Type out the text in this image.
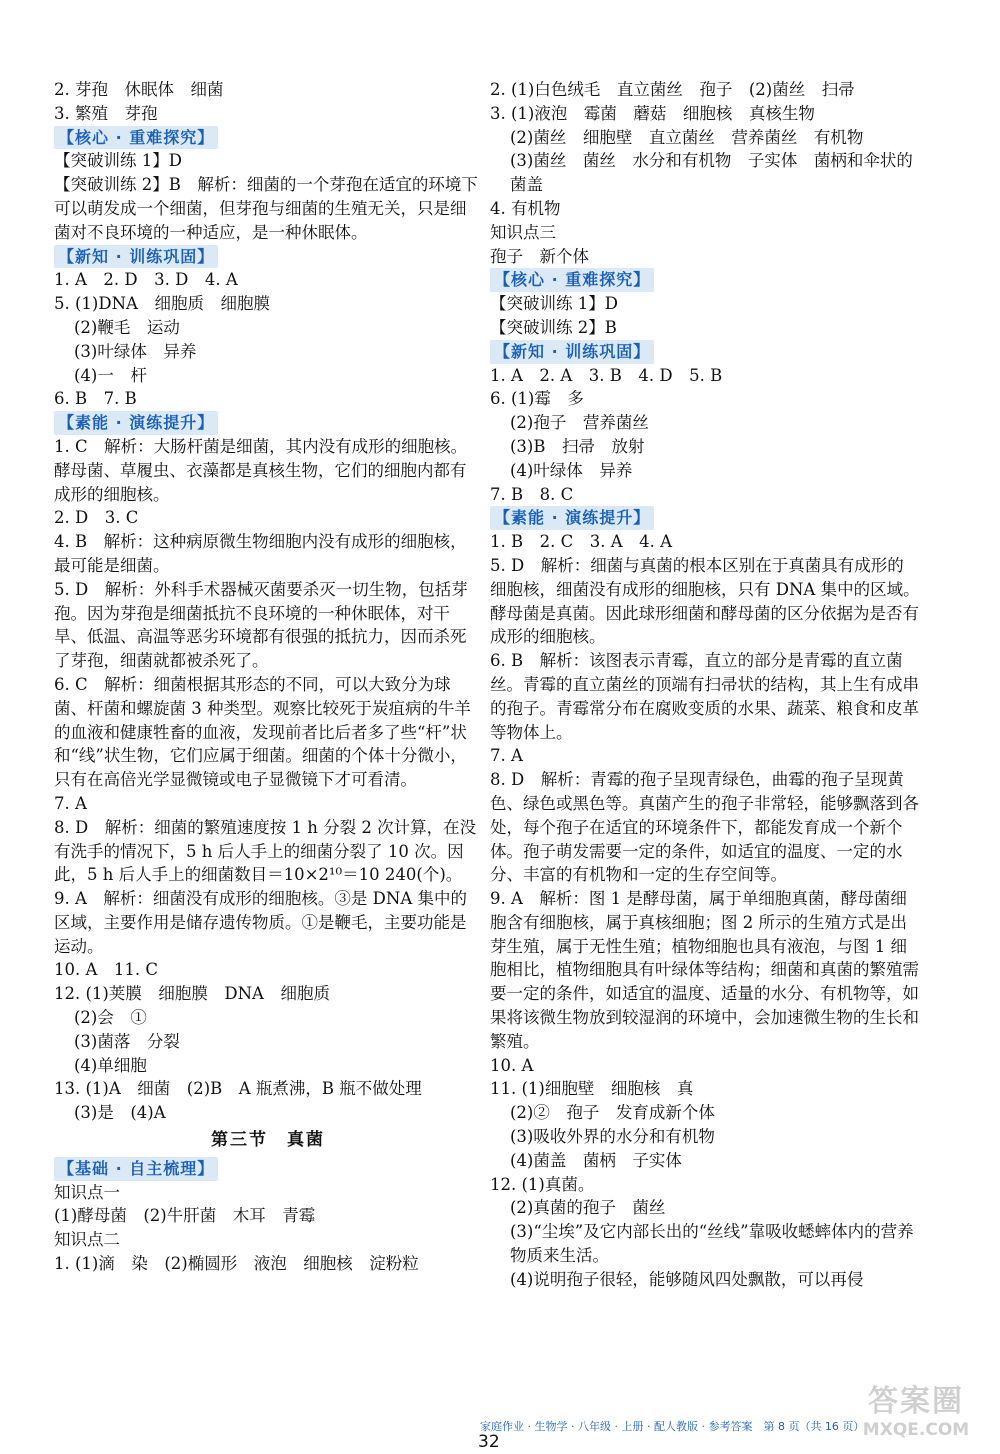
2. 芽孢　休眠体　细菌
3. 繁殖　芽孢
【核心 · 重难探究】
【突破训练 1】D
【突破训练 2】B　解析：细菌的一个芽孢在适宜的环境下可以萌发成一个细菌，但芽孢与细菌的生殖无关，只是细菌对不良环境的一种适应，是一种休眠体。
【新知 · 训练巩固】
1. A　2. D　3. D　4. A
5. (1)DNA　细胞质　细胞膜
(2)鞭毛　运动
(3)叶绿体　异养
(4)一　杆
6. B　7. B
【素能 · 演练提升】
1. C　解析：大肠杆菌是细菌，其内没有成形的细胞核。酵母菌、草履虫、衣藻都是真核生物，它们的细胞内都有成形的细胞核。
2. D　3. C
4. B　解析：这种病原微生物细胞内没有成形的细胞核，最可能是细菌。
5. D　解析：外科手术器械灭菌要杀灭一切生物，包括芽孢。因为芽孢是细菌抵抗不良环境的一种休眠体，对干旱、低温、高温等恶劣环境都有很强的抵抗力，因而杀死了芽孢，细菌就都被杀死了。
6. C　解析：细菌根据其形态的不同，可以大致分为球菌、杆菌和螺旋菌 3 种类型。观察比较死于炭疽病的牛羊的血液和健康牲畜的血液，发现前者比后者多了些“杆”状和“线”状生物，它们应属于细菌。细菌的个体十分微小，只有在高倍光学显微镜或电子显微镜下才可看清。
7. A
8. D　解析：细菌的繁殖速度按 1 h 分裂 2 次计算，在没有洗手的情况下，5 h 后人手上的细菌分裂了 10 次。因此，5 h 后人手上的细菌数目＝10×2¹⁰＝10 240(个)。
9. A　解析：细菌没有成形的细胞核。③是 DNA 集中的区域，主要作用是储存遗传物质。①是鞭毛，主要功能是运动。
10. A　11. C
12. (1)荚膜　细胞膜　DNA　细胞质
(2)会　①
(3)菌落　分裂
(4)单细胞
13. (1)A　细菌　(2)B　A 瓶煮沸，B 瓶不做处理
(3)是　(4)A
第三节　真菌
【基础 · 自主梳理】
知识点一
(1)酵母菌　(2)牛肝菌　木耳　青霉
知识点二
1. (1)滴　染　(2)椭圆形　液泡　细胞核　淀粉粒
2. (1)白色绒毛　直立菌丝　孢子　(2)菌丝　扫帚
3. (1)液泡　霉菌　蘑菇　细胞核　真核生物
(2)菌丝　细胞壁　直立菌丝　营养菌丝　有机物
(3)菌丝　菌丝　水分和有机物　子实体　菌柄和伞状的菌盖
4. 有机物
知识点三
孢子　新个体
【核心 · 重难探究】
【突破训练 1】D
【突破训练 2】B
【新知 · 训练巩固】
1. A　2. A　3. B　4. D　5. B
6. (1)霉　多
(2)孢子　营养菌丝
(3)B　扫帚　放射
(4)叶绿体　异养
7. B　8. C
【素能 · 演练提升】
1. B　2. C　3. A　4. A
5. D　解析：细菌与真菌的根本区别在于真菌具有成形的细胞核，细菌没有成形的细胞核，只有 DNA 集中的区域。酵母菌是真菌。因此球形细菌和酵母菌的区分依据为是否有成形的细胞核。
6. B　解析：该图表示青霉，直立的部分是青霉的直立菌丝。青霉的直立菌丝的顶端有扫帚状的结构，其上生有成串的孢子。青霉常分布在腐败变质的水果、蔬菜、粮食和皮革等物体上。
7. A
8. D　解析：青霉的孢子呈现青绿色，曲霉的孢子呈现黄色、绿色或黑色等。真菌产生的孢子非常轻，能够飘落到各处，每个孢子在适宜的环境条件下，都能发育成一个新个体。孢子萌发需要一定的条件，如适宜的温度、一定的水分、丰富的有机物和一定的生存空间等。
9. A　解析：图 1 是酵母菌，属于单细胞真菌，酵母菌细胞含有细胞核，属于真核细胞；图 2 所示的生殖方式是出芽生殖，属于无性生殖；植物细胞也具有液泡，与图 1 细胞相比，植物细胞具有叶绿体等结构；细菌和真菌的繁殖需要一定的条件，如适宜的温度、适量的水分、有机物等，如果将该微生物放到较湿润的环境中，会加速微生物的生长和繁殖。
10. A
11. (1)细胞壁　细胞核　真
(2)②　孢子　发育成新个体
(3)吸收外界的水分和有机物
(4)菌盖　菌柄　子实体
12. (1)真菌。
(2)真菌的孢子　菌丝
(3)“尘埃”及它内部长出的“丝线”靠吸收蟋蟀体内的营养物质来生活。
(4)说明孢子很轻，能够随风四处飘散，可以再侵
家庭作业 · 生物学 · 八年级 · 上册 · 配人教版 · 参考答案　第 8 页（共 16 页）
32
答案圈
MXQE.COM
